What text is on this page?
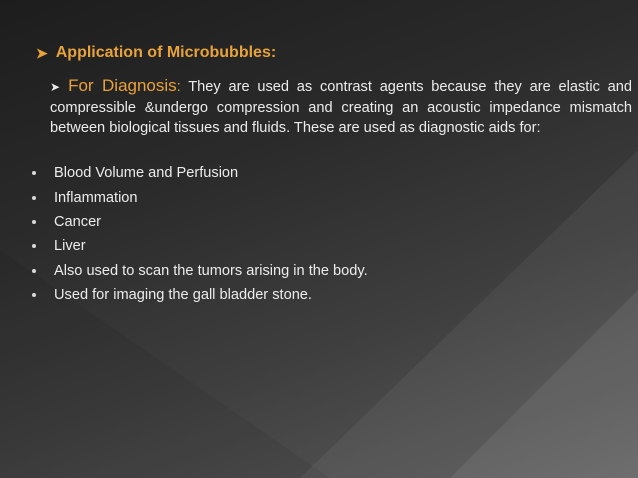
➤ Application of Microbubbles:
➤ For Diagnosis: They are used as contrast agents because they are elastic and compressible &undergo compression and creating an acoustic impedance mismatch between biological tissues and fluids. These are used as diagnostic aids for:
Blood Volume and Perfusion
Inflammation
Cancer
Liver
Also used to scan the tumors arising in the body.
Used for imaging the gall bladder stone.
